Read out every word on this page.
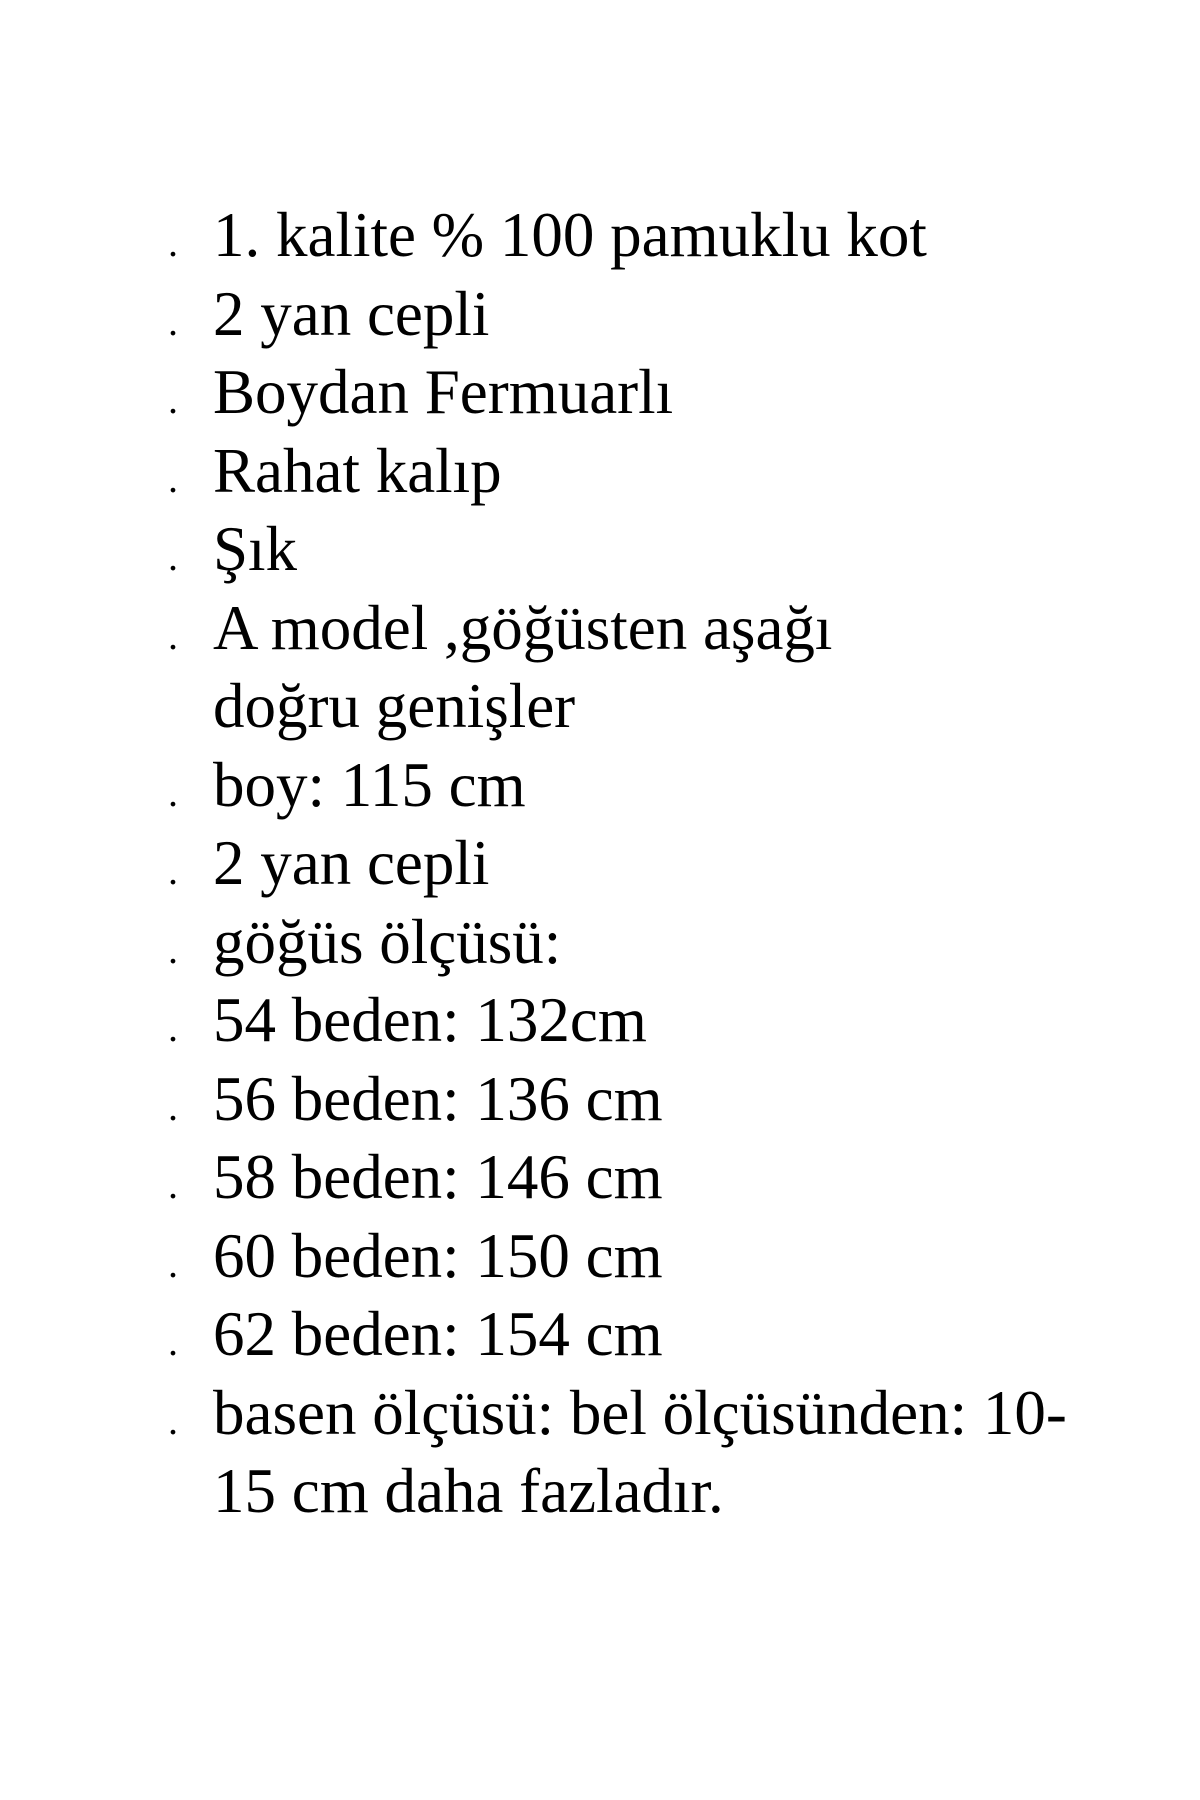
. 1. kalite % 100 pamuklu kot
. 2 yan cepli
. Boydan Fermuarlı
. Rahat kalıp
. Şık
. A model ,göğüsten aşağı doğru genişler
. boy: 115 cm
. 2 yan cepli
. göğüs ölçüsü:
. 54 beden: 132cm
. 56 beden: 136 cm
. 58 beden: 146 cm
. 60 beden: 150 cm
. 62 beden: 154 cm
. basen ölçüsü: bel ölçüsünden: 10-15 cm daha fazladır.
